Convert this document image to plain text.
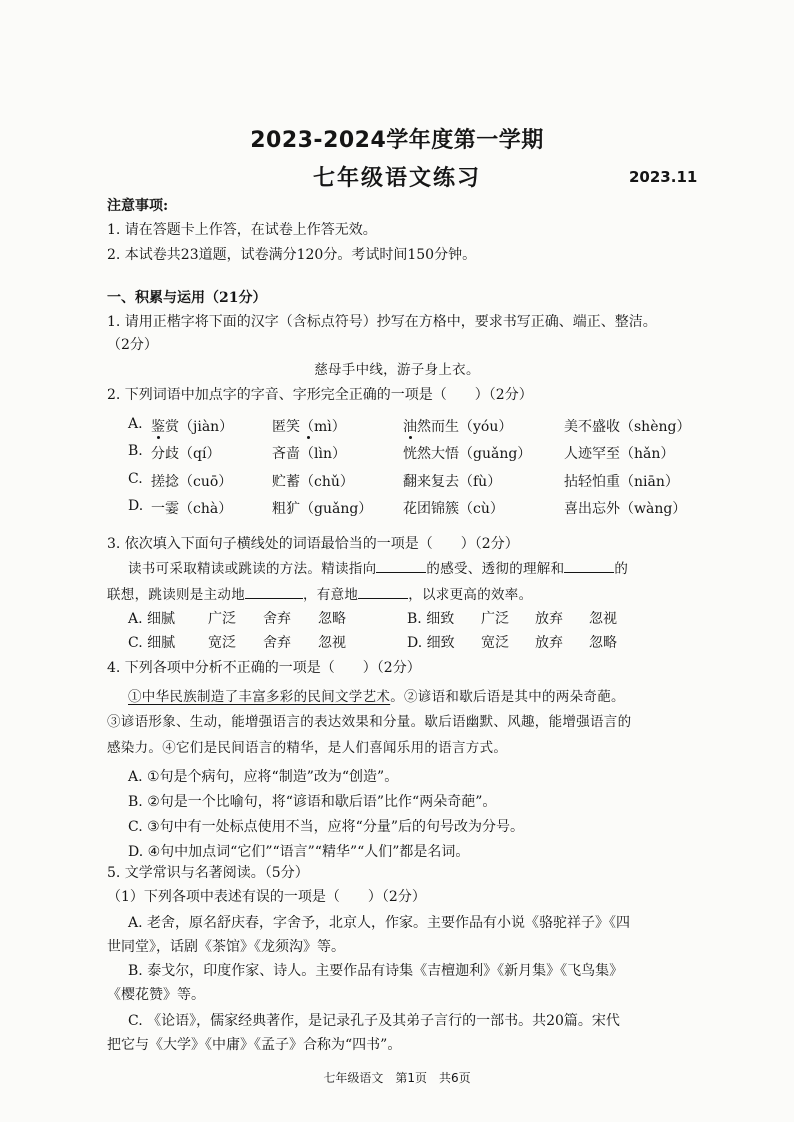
2023-2024学年度第一学期
七年级语文练习	2023.11
注意事项:
1. 请在答题卡上作答，在试卷上作答无效。
2. 本试卷共23道题，试卷满分120分。考试时间150分钟。
一、积累与运用（21分）
1. 请用正楷字将下面的汉字（含标点符号）抄写在方格中，要求书写正确、端正、整洁。
（2分）
慈母手中线，游子身上衣。
2. 下列词语中加点字的字音、字形完全正确的一项是（　　）（2分）
A. 鉴赏（jiàn）	匿笑（mì）	油然而生（yóu）	美不盛收（shèng）
B. 分歧（qí）	吝啬（lìn）	恍然大悟（guǎng） 人迹罕至（hǎn）
C. 搓捻（cuō）	贮蓄（chǔ）	翻来复去（fù）	拈轻怕重（niān）
D. 一霎（chà）	粗犷（guǎng） 花团锦簇（cù）	喜出忘外（wàng）
3. 依次填入下面句子横线处的词语最恰当的一项是（　　）（2分）
读书可采取精读或跳读的方法。精读指向	的感受、透彻的理解和	的
联想，跳读则是主动地	，有意地	，以求更高的效率。
A. 细腻 广泛 舍弃 忽略	B. 细致 广泛 放弃 忽视
C. 细腻 宽泛 舍弃 忽视	D. 细致 宽泛 放弃 忽略
4. 下列各项中分析不正确的一项是（　　）（2分）
①中华民族制造了丰富多彩的民间文学艺术。②谚语和歇后语是其中的两朵奇葩。
③谚语形象、生动，能增强语言的表达效果和分量。歇后语幽默、风趣，能增强语言的
感染力。④它们是民间语言的精华，是人们喜闻乐用的语言方式。
A. ①句是个病句，应将“制造”改为“创造”。
B. ②句是一个比喻句，将“谚语和歇后语”比作“两朵奇葩”。
C. ③句中有一处标点使用不当，应将“分量”后的句号改为分号。
D. ④句中加点词“它们”“语言”“精华”“人们”都是名词。
5. 文学常识与名著阅读。（5分）
（1）下列各项中表述有误的一项是（　　）（2分）
A. 老舍，原名舒庆春，字舍予，北京人，作家。主要作品有小说《骆驼祥子》《四
世同堂》，话剧《茶馆》《龙须沟》等。
B. 泰戈尔，印度作家、诗人。主要作品有诗集《吉檀迦利》《新月集》《飞鸟集》
《樱花赞》等。
C. 《论语》，儒家经典著作，是记录孔子及其弟子言行的一部书。共20篇。宋代
把它与《大学》《中庸》《孟子》合称为“四书”。
七年级语文　第1页　共6页
